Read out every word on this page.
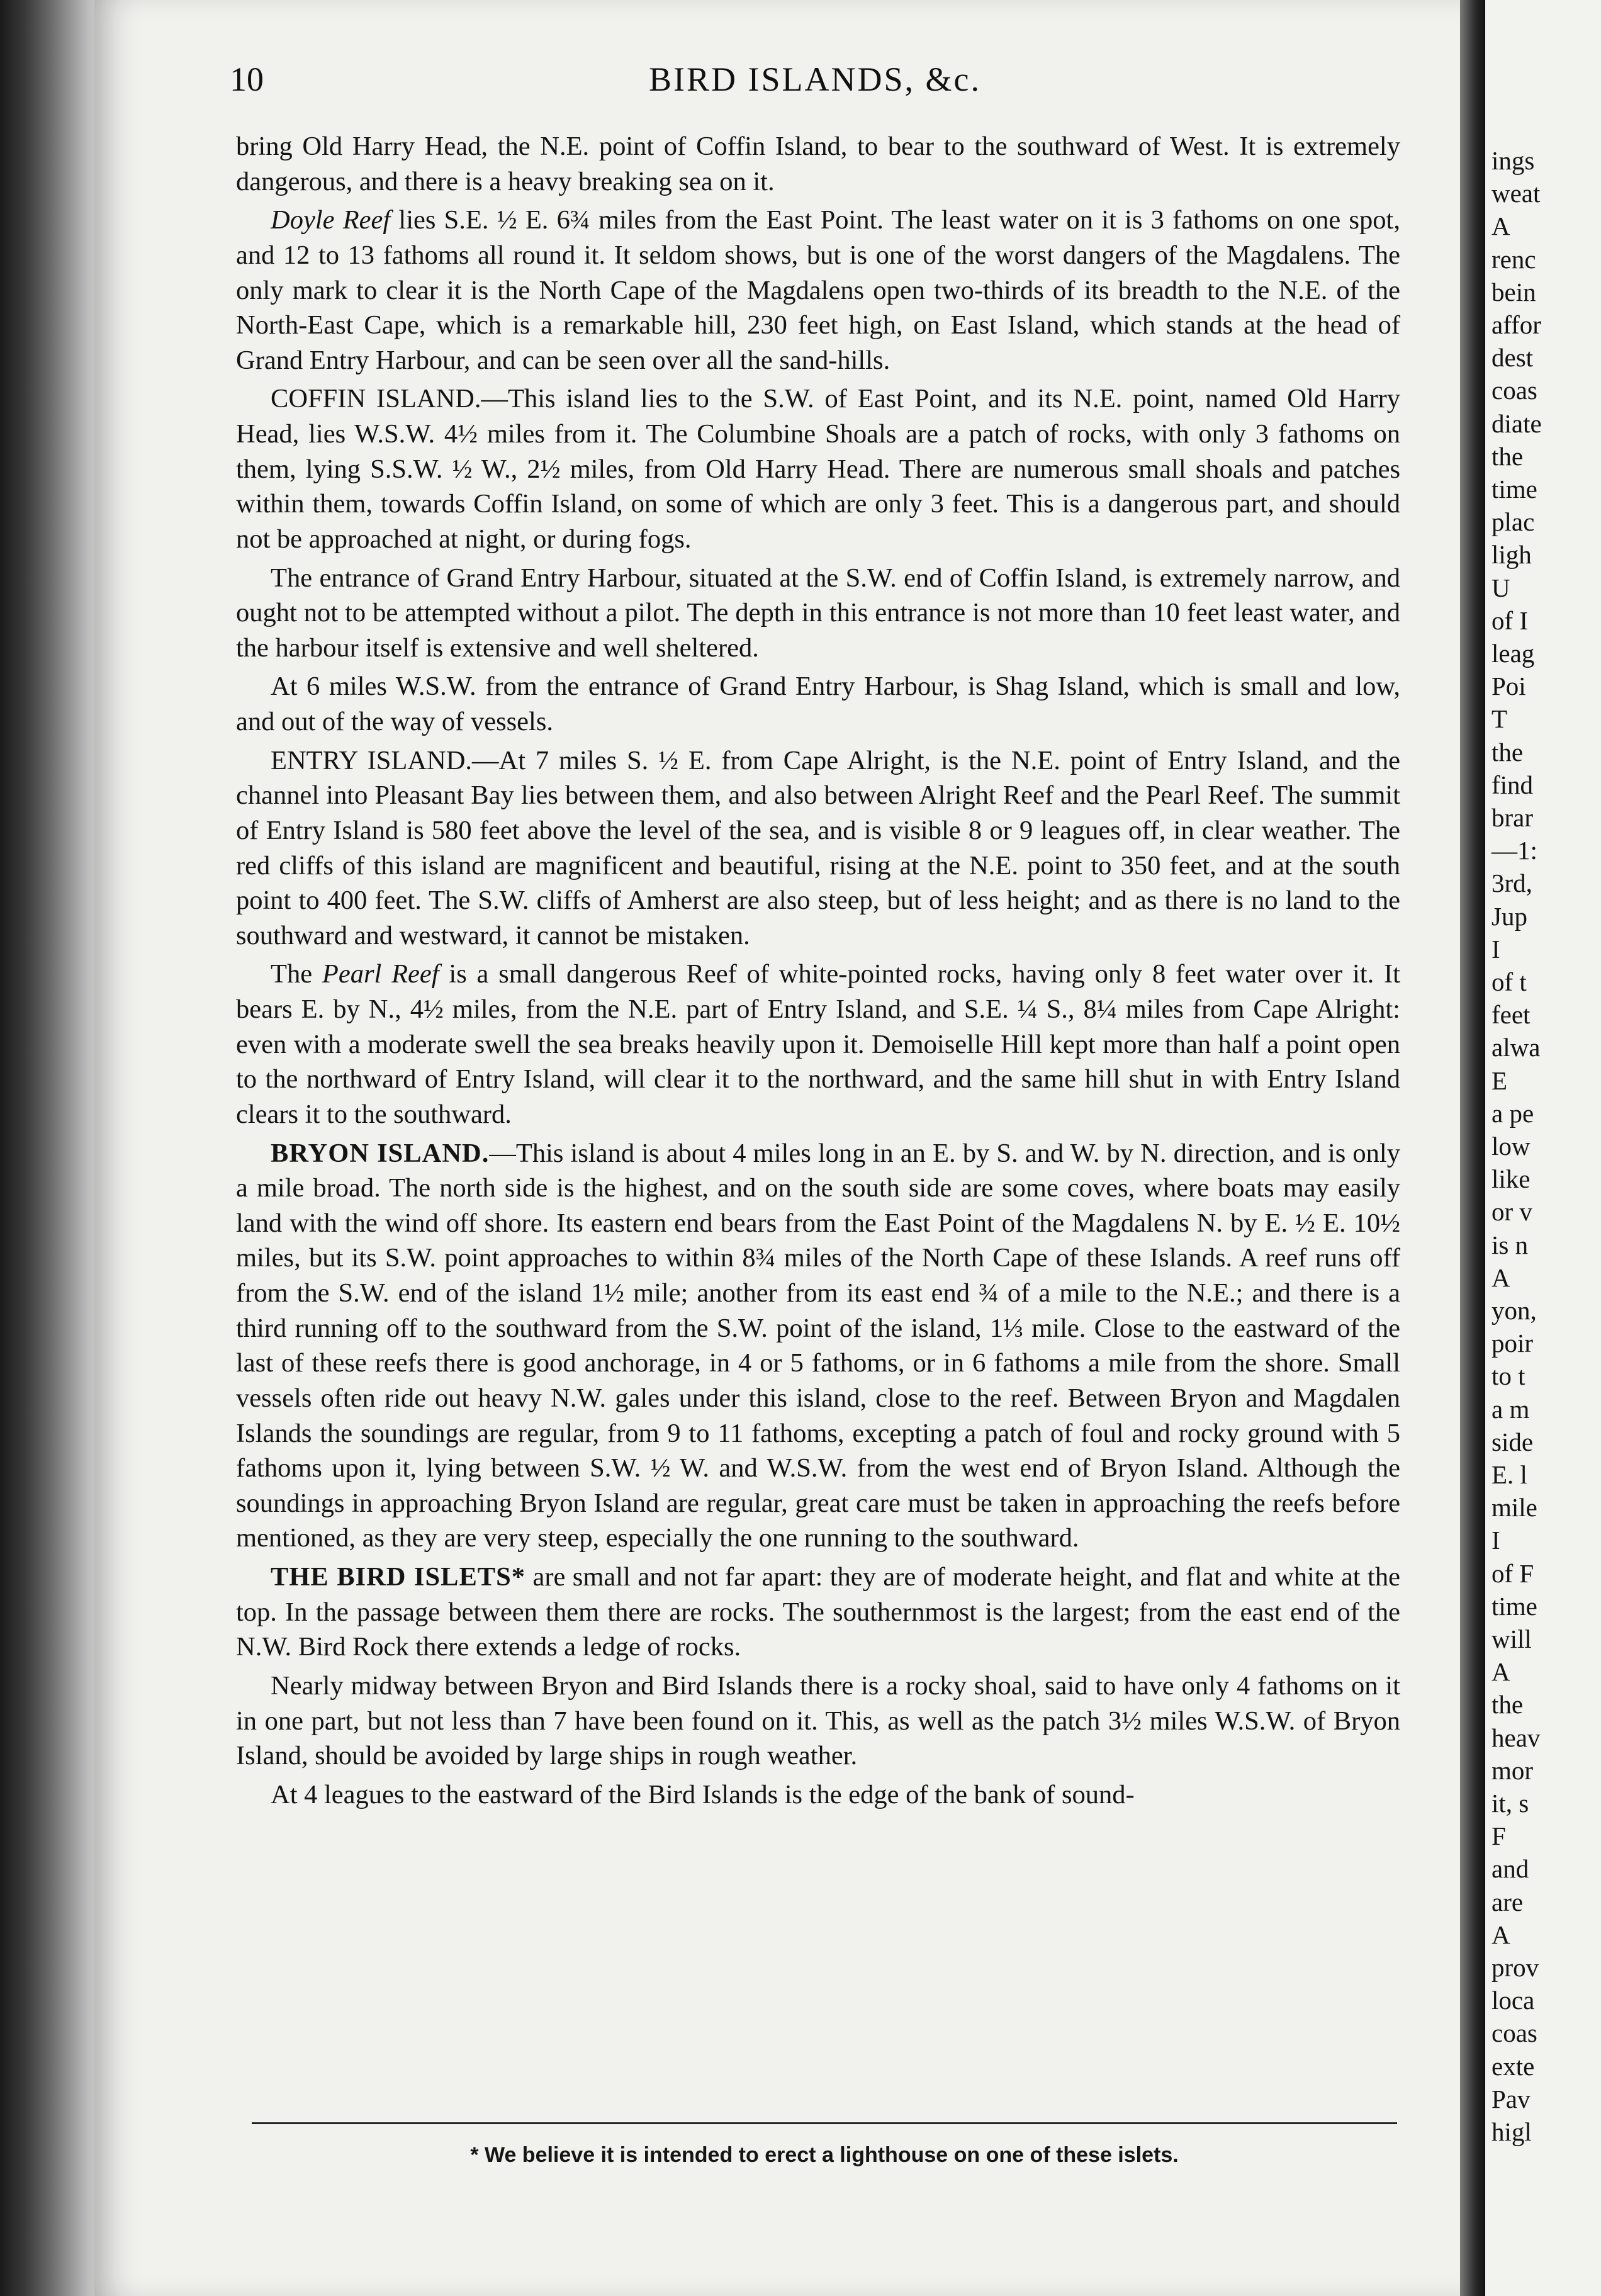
ings
weat
A
renc
bein
affor
dest
coas
diate
the
time
plac
ligh
U
of I
leag
Poi
T
the
find
brar
—1:
3rd,
Jup
I
of t
feet
alwa
E
a pe
low
like
or v
is n
A
yon,
poir
to t
a m
side
E. l
mile
I
of F
time
will
A
the
heav
mor
it, s
F
and
are
A
prov
loca
coas
exte
Pav
higl
10	BIRD ISLANDS, &c.

bring Old Harry Head, the N.E. point of Coffin Island, to bear to the southward of West. It is extremely dangerous, and there is a heavy breaking sea on it.

Doyle Reef lies S.E. ½ E. 6¾ miles from the East Point. The least water on it is 3 fathoms on one spot, and 12 to 13 fathoms all round it. It seldom shows, but is one of the worst dangers of the Magdalens. The only mark to clear it is the North Cape of the Magdalens open two-thirds of its breadth to the N.E. of the North-East Cape, which is a remarkable hill, 230 feet high, on East Island, which stands at the head of Grand Entry Harbour, and can be seen over all the sand-hills.

COFFIN ISLAND.—This island lies to the S.W. of East Point, and its N.E. point, named Old Harry Head, lies W.S.W. 4½ miles from it. The Columbine Shoals are a patch of rocks, with only 3 fathoms on them, lying S.S.W. ½ W., 2½ miles, from Old Harry Head. There are numerous small shoals and patches within them, towards Coffin Island, on some of which are only 3 feet. This is a dangerous part, and should not be approached at night, or during fogs.

The entrance of Grand Entry Harbour, situated at the S.W. end of Coffin Island, is extremely narrow, and ought not to be attempted without a pilot. The depth in this entrance is not more than 10 feet least water, and the harbour itself is extensive and well sheltered.

At 6 miles W.S.W. from the entrance of Grand Entry Harbour, is Shag Island, which is small and low, and out of the way of vessels.

ENTRY ISLAND.—At 7 miles S. ½ E. from Cape Alright, is the N.E. point of Entry Island, and the channel into Pleasant Bay lies between them, and also between Alright Reef and the Pearl Reef. The summit of Entry Island is 580 feet above the level of the sea, and is visible 8 or 9 leagues off, in clear weather. The red cliffs of this island are magnificent and beautiful, rising at the N.E. point to 350 feet, and at the south point to 400 feet. The S.W. cliffs of Amherst are also steep, but of less height; and as there is no land to the southward and westward, it cannot be mistaken.

The Pearl Reef is a small dangerous Reef of white-pointed rocks, having only 8 feet water over it. It bears E. by N., 4½ miles, from the N.E. part of Entry Island, and S.E. ¼ S., 8¼ miles from Cape Alright: even with a moderate swell the sea breaks heavily upon it. Demoiselle Hill kept more than half a point open to the northward of Entry Island, will clear it to the northward, and the same hill shut in with Entry Island clears it to the southward.

BRYON ISLAND.—This island is about 4 miles long in an E. by S. and W. by N. direction, and is only a mile broad. The north side is the highest, and on the south side are some coves, where boats may easily land with the wind off shore. Its eastern end bears from the East Point of the Magdalens N. by E. ½ E. 10½ miles, but its S.W. point approaches to within 8¾ miles of the North Cape of these Islands. A reef runs off from the S.W. end of the island 1½ mile; another from its east end ¾ of a mile to the N.E.; and there is a third running off to the southward from the S.W. point of the island, 1⅓ mile. Close to the eastward of the last of these reefs there is good anchorage, in 4 or 5 fathoms, or in 6 fathoms a mile from the shore. Small vessels often ride out heavy N.W. gales under this island, close to the reef. Between Bryon and Magdalen Islands the soundings are regular, from 9 to 11 fathoms, excepting a patch of foul and rocky ground with 5 fathoms upon it, lying between S.W. ½ W. and W.S.W. from the west end of Bryon Island. Although the soundings in approaching Bryon Island are regular, great care must be taken in approaching the reefs before mentioned, as they are very steep, especially the one running to the southward.

THE BIRD ISLETS* are small and not far apart: they are of moderate height, and flat and white at the top. In the passage between them there are rocks. The southernmost is the largest; from the east end of the N.W. Bird Rock there extends a ledge of rocks.

Nearly midway between Bryon and Bird Islands there is a rocky shoal, said to have only 4 fathoms on it in one part, but not less than 7 have been found on it. This, as well as the patch 3½ miles W.S.W. of Bryon Island, should be avoided by large ships in rough weather.

At 4 leagues to the eastward of the Bird Islands is the edge of the bank of sound-

* We believe it is intended to erect a lighthouse on one of these islets.
